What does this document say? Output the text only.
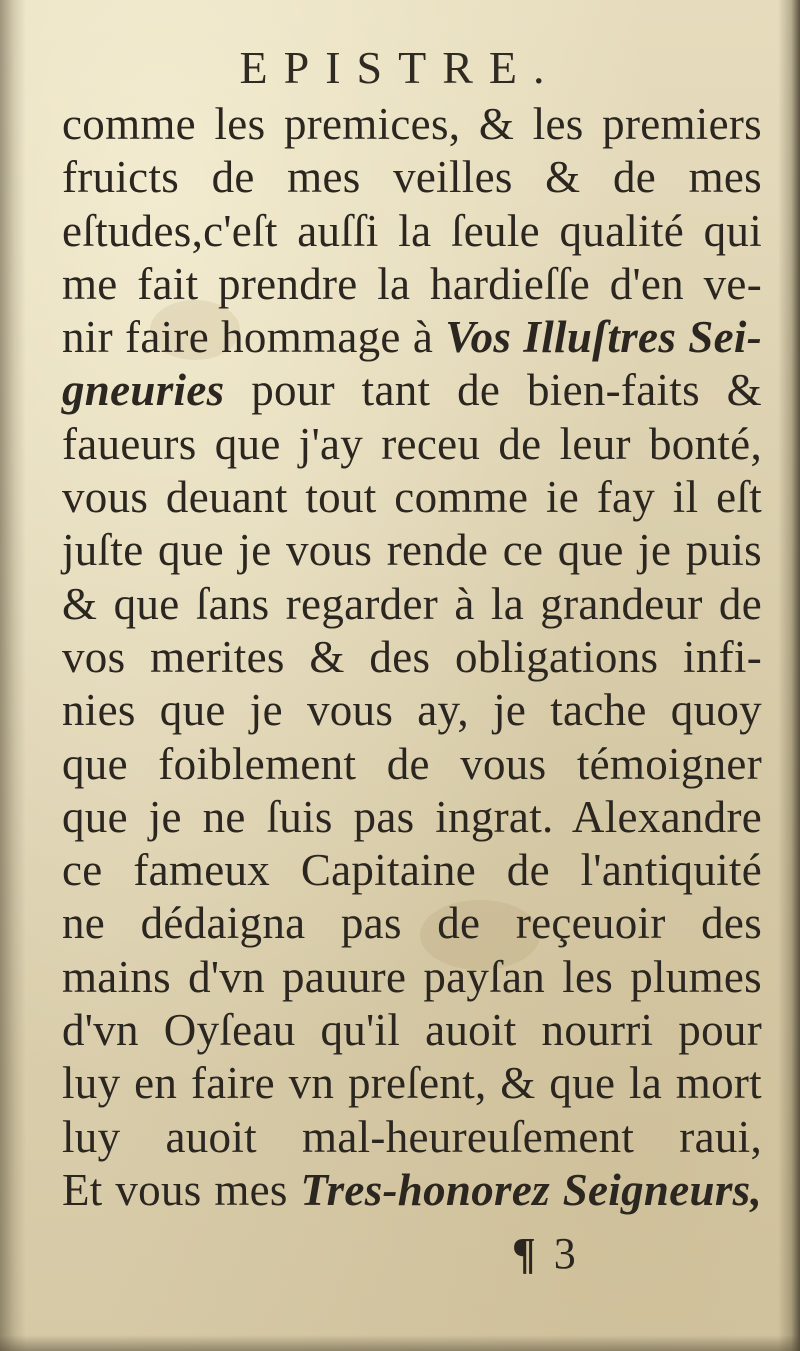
EPISTRE.
comme les premices, & les premiers
fruicts de mes veilles & de mes
eſtudes,c'eſt auſſi la ſeule qualité qui
me fait prendre la hardieſſe d'en ve-
nir faire hommage à Vos Illuſtres Sei-
gneuries pour tant de bien-faits &
faueurs que j'ay receu de leur bonté,
vous deuant tout comme ie fay il eſt
juſte que je vous rende ce que je puis
& que ſans regarder à la grandeur de
vos merites & des obligations infi-
nies que je vous ay, je tache quoy
que foiblement de vous témoigner
que je ne ſuis pas ingrat. Alexandre
ce fameux Capitaine de l'antiquité
ne dédaigna pas de reçeuoir des
mains d'vn pauure payſan les plumes
d'vn Oyſeau qu'il auoit nourri pour
luy en faire vn preſent, & que la mort
luy auoit mal-heureuſement raui,
Et vous mes Tres-honorez Seigneurs,
¶ 3
